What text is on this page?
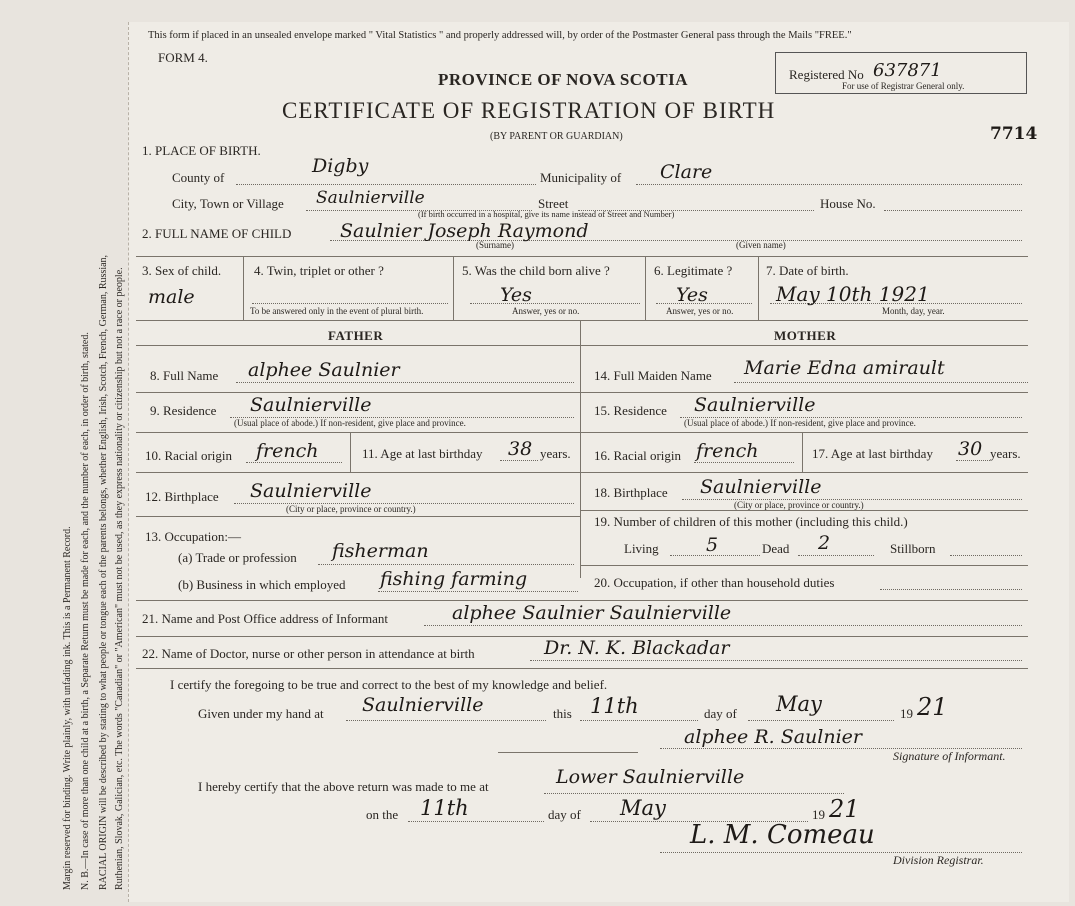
Margin reserved for binding. Write plainly, with unfading ink. This is a Permanent Record. N. B.—In case of more than one child at a birth, a Separate Return must be made for each, and the number of each, in order of birth, stated. RACIAL ORIGIN will be described by stating to what people or tongue each of the parents belongs, whether English, Irish, Scotch, French, German, Russian, Ruthenian, Slovak, Galician, etc. The words "Canadian" or "American" must not be used, as they express nationality or citizenship but not a race or people.
This form if placed in an unsealed envelope marked " Vital Statistics " and properly addressed will, by order of the Postmaster General pass through the Mails "FREE."
FORM 4.
PROVINCE OF NOVA SCOTIA
CERTIFICATE OF REGISTRATION OF BIRTH
(BY PARENT OR GUARDIAN)
Registered No 637871
For use of Registrar General only.
7714
1. PLACE OF BIRTH.
County of
Digby
Municipality of Clare
City, Town or Village Saulnierville	Street	House No.
(If birth occurred in a hospital, give its name instead of Street and Number)
2. FULL NAME OF CHILD	Saulnier Joseph Raymond
(Surname)	(Given name)
3. Sex of child.
male
4. Twin, triplet or other ?
To be answered only in the event of plural birth.
5. Was the child born alive ?
Yes
Answer, yes or no.
6. Legitimate ?
Yes
Answer, yes or no.
7. Date of birth.
May 10th 1921
Month, day, year.
FATHER	MOTHER
8. Full Name alphee Saulnier
9. Residence Saulnierville
(Usual place of abode.) If non-resident, give place and province.
10. Racial origin french	11. Age at last birthday 38 years.
12. Birthplace Saulnierville
(City or place, province or country.)
13. Occupation:—
(a) Trade or profession fisherman
(b) Business in which employed fishing farming
14. Full Maiden Name Marie Edna amirault
15. Residence Saulnierville
(Usual place of abode.) If non-resident, give place and province.
16. Racial origin french	17. Age at last birthday 30 years.
18. Birthplace Saulnierville
(City or place, province or country.)
19. Number of children of this mother (including this child.)
Living 5	Dead 2	Stillborn
20. Occupation, if other than household duties
21. Name and Post Office address of Informant	alphee Saulnier Saulnierville
22. Name of Doctor, nurse or other person in attendance at birth	Dr. N. K. Blackadar
I certify the foregoing to be true and correct to the best of my knowledge and belief.
Given under my hand at Saulnierville	this 11th	day of May	19 21
alphee R. Saulnier
Signature of Informant.
I hereby certify that the above return was made to me at	Lower Saulnierville
on the 11th	day of May	19 21
L. M. Comeau
Division Registrar.
